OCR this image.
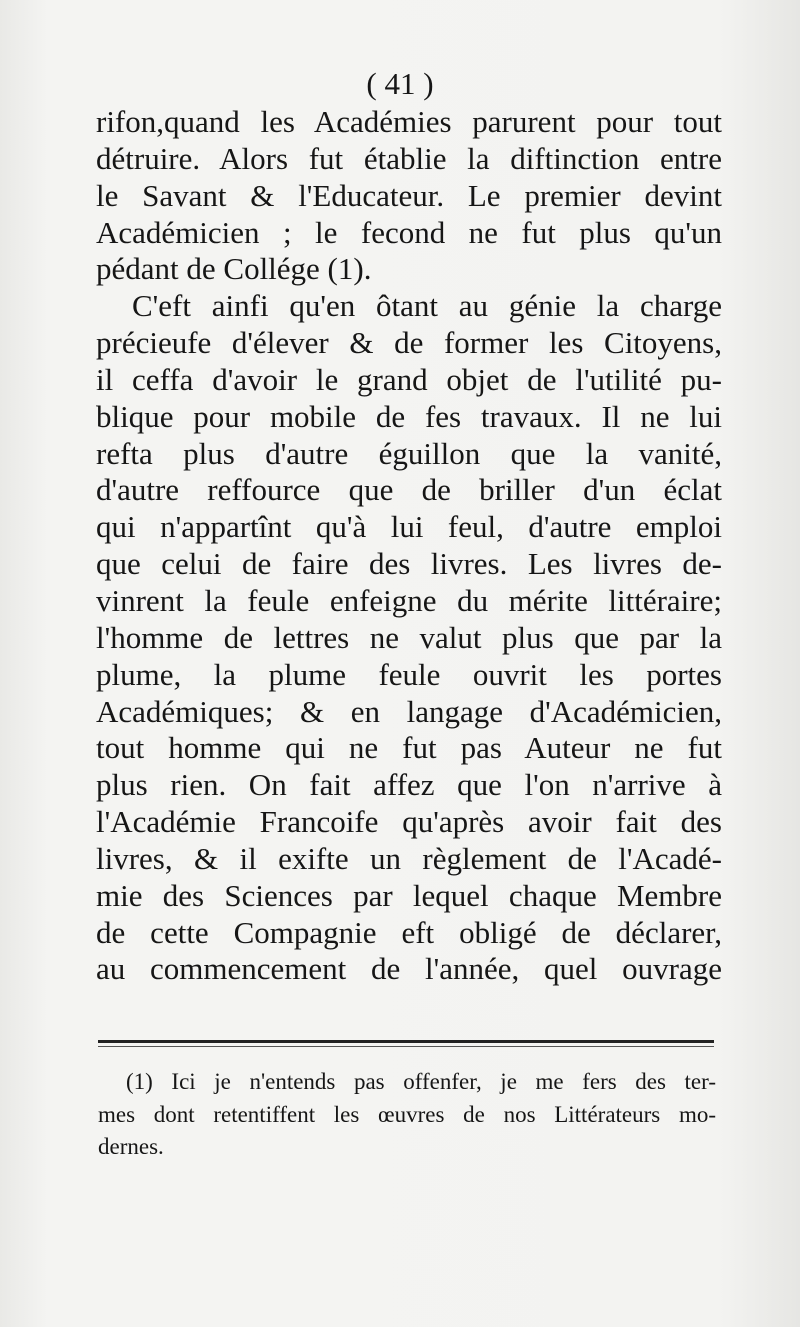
( 41 )
rifon,quand les Académies parurent pour tout
détruire. Alors fut établie la diftinction entre
le Savant & l'Educateur. Le premier devint
Académicien ; le fecond ne fut plus qu'un
pédant de Collége (1).
C'eft ainfi qu'en ôtant au génie la charge
précieufe d'élever & de former les Citoyens,
il ceffa d'avoir le grand objet de l'utilité pu-
blique pour mobile de fes travaux. Il ne lui
refta plus d'autre éguillon que la vanité,
d'autre reffource que de briller d'un éclat
qui n'appartînt qu'à lui feul, d'autre emploi
que celui de faire des livres. Les livres de-
vinrent la feule enfeigne du mérite littéraire;
l'homme de lettres ne valut plus que par la
plume, la plume feule ouvrit les portes
Académiques; & en langage d'Académicien,
tout homme qui ne fut pas Auteur ne fut
plus rien. On fait affez que l'on n'arrive à
l'Académie Francoife qu'après avoir fait des
livres, & il exifte un règlement de l'Acadé-
mie des Sciences par lequel chaque Membre
de cette Compagnie eft obligé de déclarer,
au commencement de l'année, quel ouvrage
(1) Ici je n'entends pas offenfer, je me fers des ter-
mes dont retentiffent les œuvres de nos Littérateurs mo-
dernes.
